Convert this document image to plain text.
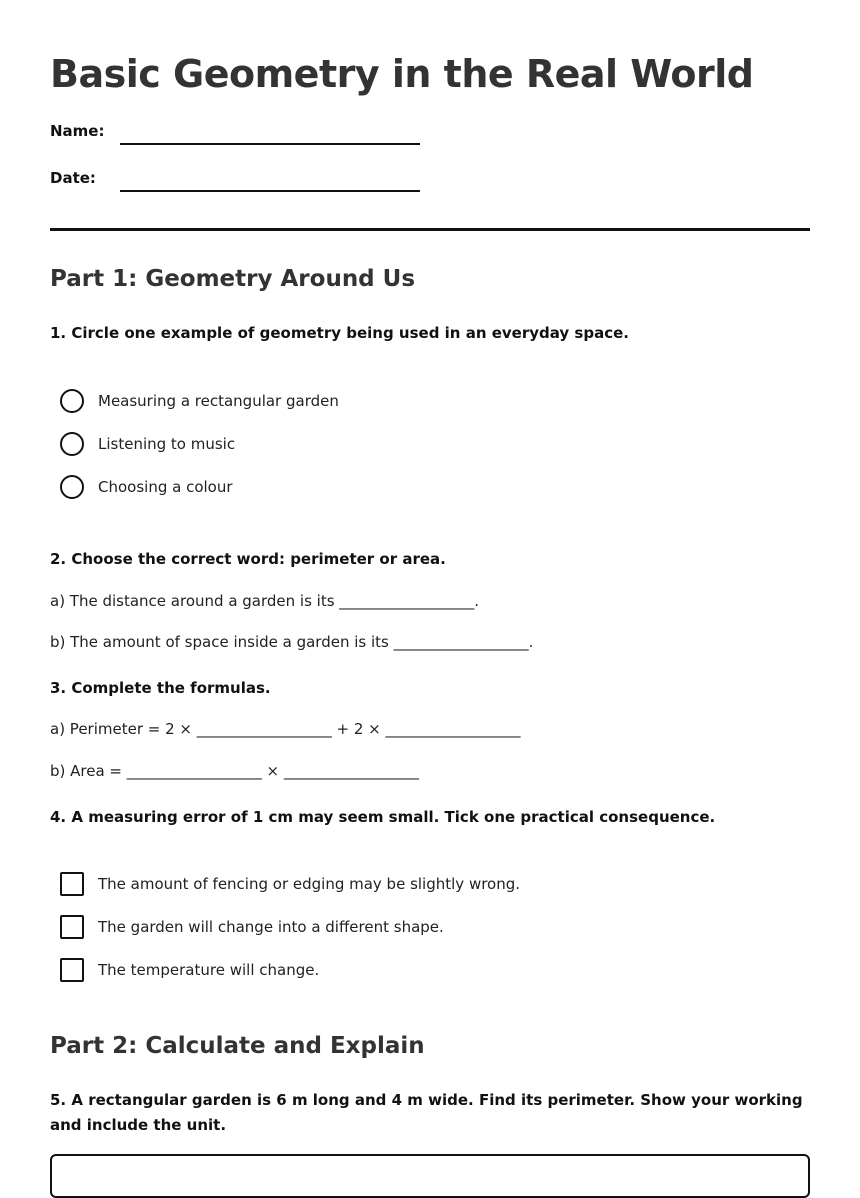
Basic Geometry in the Real World
Name:
Date:
Part 1: Geometry Around Us
1. Circle one example of geometry being used in an everyday space.
Measuring a rectangular garden
Listening to music
Choosing a colour
2. Choose the correct word: perimeter or area.
a) The distance around a garden is its __________________.
b) The amount of space inside a garden is its __________________.
3. Complete the formulas.
a) Perimeter = 2 × __________________ + 2 × __________________
b) Area = __________________ × __________________
4. A measuring error of 1 cm may seem small. Tick one practical consequence.
The amount of fencing or edging may be slightly wrong.
The garden will change into a different shape.
The temperature will change.
Part 2: Calculate and Explain
5. A rectangular garden is 6 m long and 4 m wide. Find its perimeter. Show your working and include the unit.
